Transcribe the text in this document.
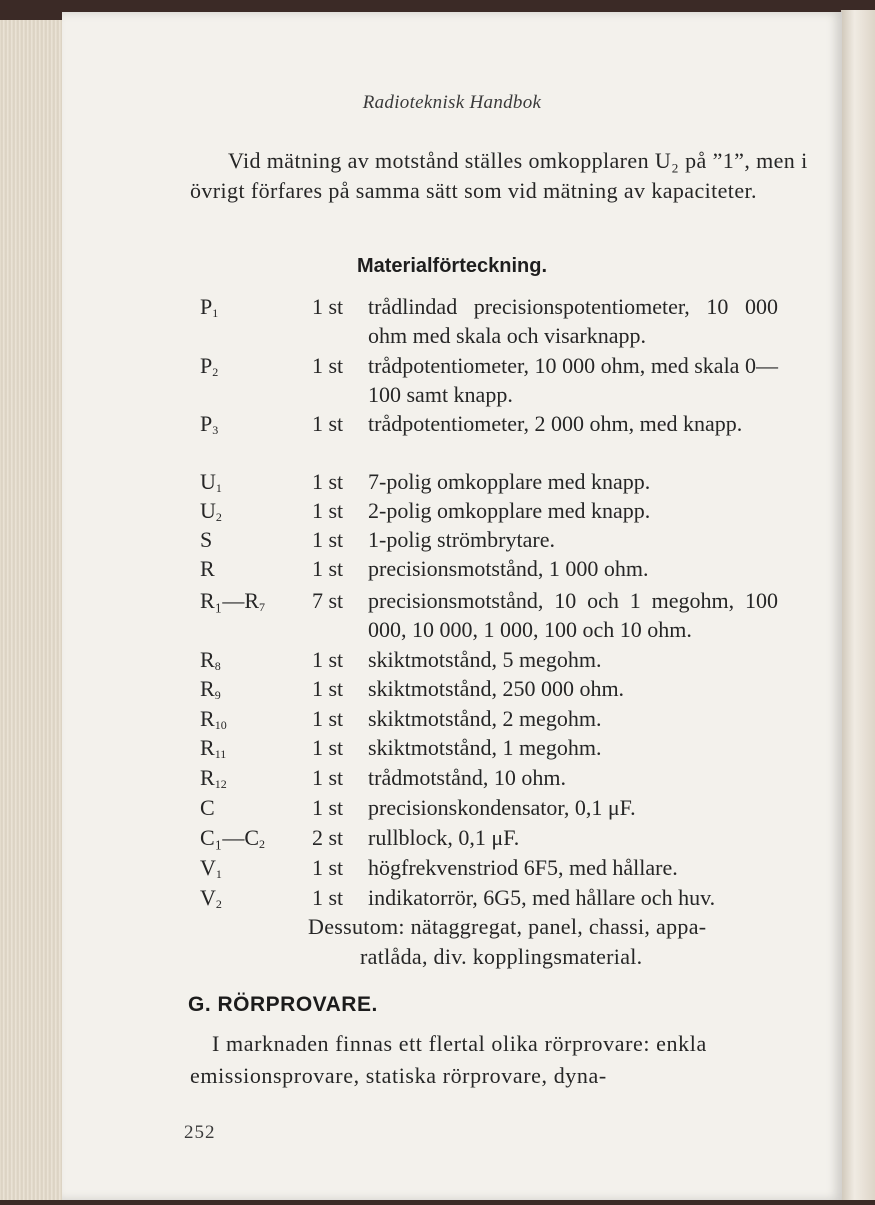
Radioteknisk Handbok
Vid mätning av motstånd ställes omkopplaren U₂ på ”1”, men i övrigt förfares på samma sätt som vid mätning av kapaciteter.
Materialförteckning.
$P_1$	1 st trådlindad precisionspotentiometer, 10 000 ohm med skala och visarknapp.
$P_2$	1 st trådpotentiometer, 10 000 ohm, med skala 0—100 samt knapp.
$P_3$	1 st trådpotentiometer, 2 000 ohm, med knapp.
$U_1$	1 st 7-polig omkopplare med knapp.
$U_2$	1 st 2-polig omkopplare med knapp.
S	1 st 1-polig strömbrytare.
R	1 st precisionsmotstånd, 1 000 ohm.
$R_1—R_7$ 7 st precisionsmotstånd, 10 och 1 megohm, 100 000, 10 000, 1 000, 100 och 10 ohm.
$R_8$	1 st skiktmotstånd, 5 megohm.
$R_9$	1 st skiktmotstånd, 250 000 ohm.
$R_{10}$	1 st skiktmotstånd, 2 megohm.
$R_{11}$	1 st skiktmotstånd, 1 megohm.
$R_{12}$	1 st trådmotstånd, 10 ohm.
C	1 st precisionskondensator, 0,1 μF.
$C_1—C_2$ 2 st rullblock, 0,1 μF.
$V_1$	1 st högfrekvenstriod 6F5, med hållare.
$V_2$	1 st indikatorrör, 6G5, med hållare och huv.
Dessutom: nätaggregat, panel, chassi, appa-
ratlåda, div. kopplingsmaterial.
G. RÖRPROVARE.
I marknaden finnas ett flertal olika rörprovare: enkla emissionsprovare, statiska rörprovare, dyna-
252
